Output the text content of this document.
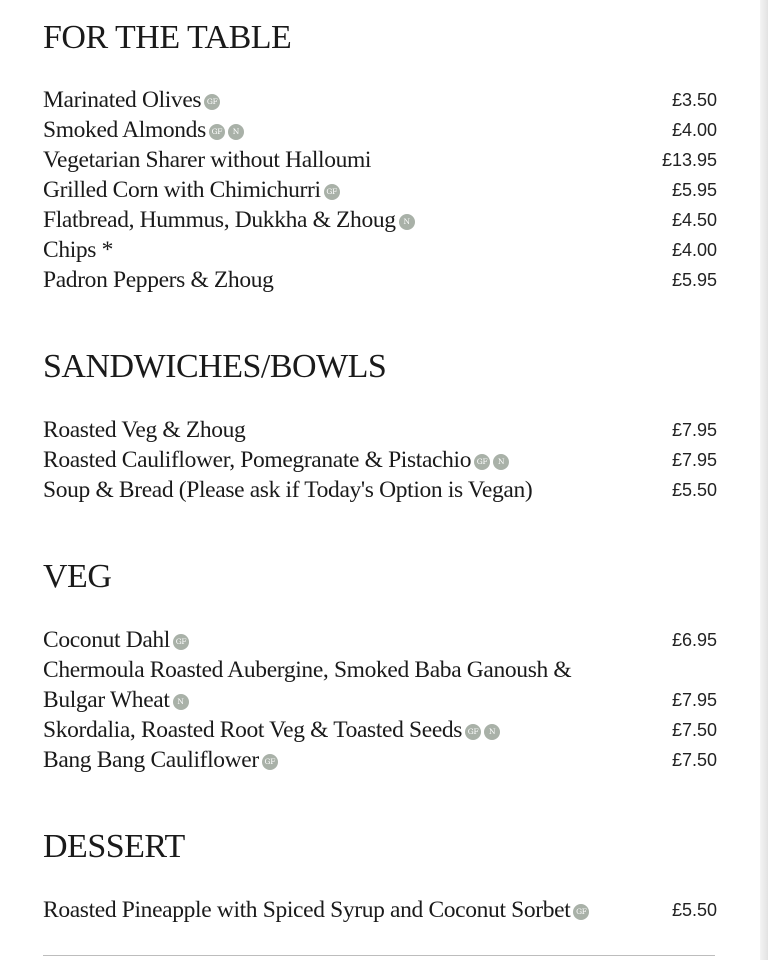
FOR THE TABLE
Marinated Olives GF	£3.50
Smoked Almonds GF N	£4.00
Vegetarian Sharer without Halloumi	£13.95
Grilled Corn with Chimichurri GF	£5.95
Flatbread, Hummus, Dukkha & Zhoug N	£4.50
Chips *	£4.00
Padron Peppers & Zhoug	£5.95
SANDWICHES/BOWLS
Roasted Veg & Zhoug	£7.95
Roasted Cauliflower, Pomegranate & Pistachio GF N	£7.95
Soup & Bread (Please ask if Today's Option is Vegan)	£5.50
VEG
Coconut Dahl GF	£6.95
Chermoula Roasted Aubergine, Smoked Baba Ganoush &
Bulgar Wheat N	£7.95
Skordalia, Roasted Root Veg & Toasted Seeds GF N	£7.50
Bang Bang Cauliflower GF	£7.50
DESSERT
Roasted Pineapple with Spiced Syrup and Coconut Sorbet GF	£5.50
